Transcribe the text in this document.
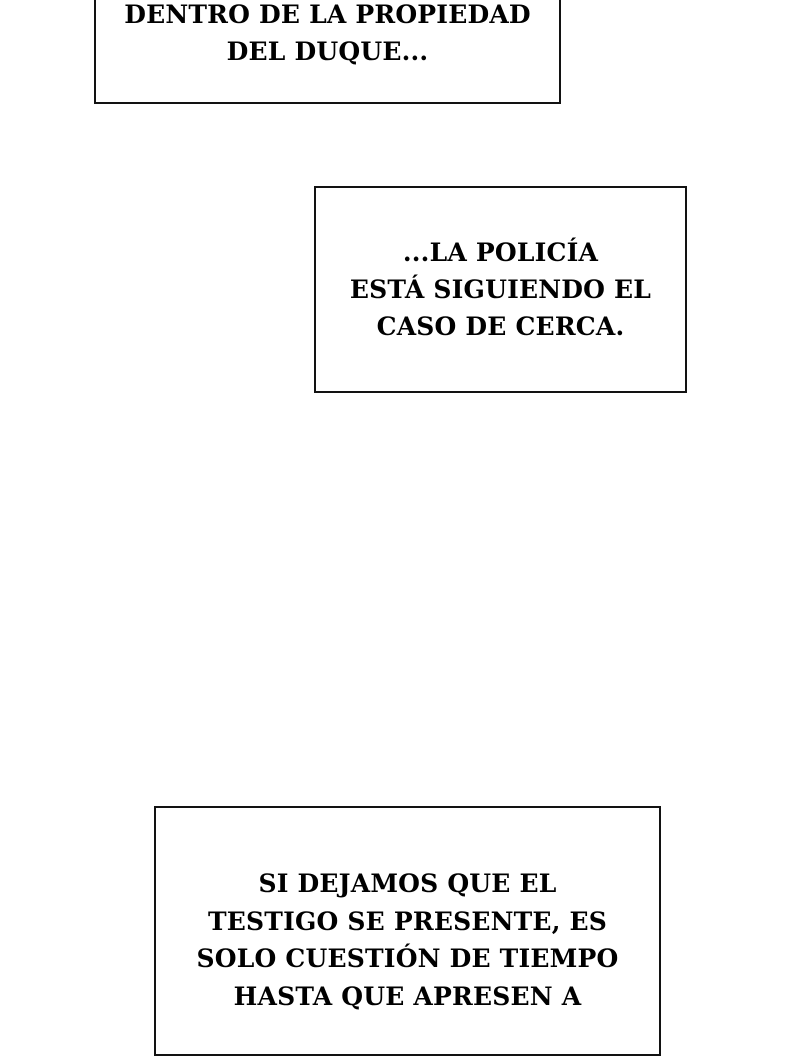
DENTRO DE LA PROPIEDAD
DEL DUQUE...
...LA POLICÍA
ESTÁ SIGUIENDO EL
CASO DE CERCA.
SI DEJAMOS QUE EL
TESTIGO SE PRESENTE, ES
SOLO CUESTIÓN DE TIEMPO
HASTA QUE APRESEN A
